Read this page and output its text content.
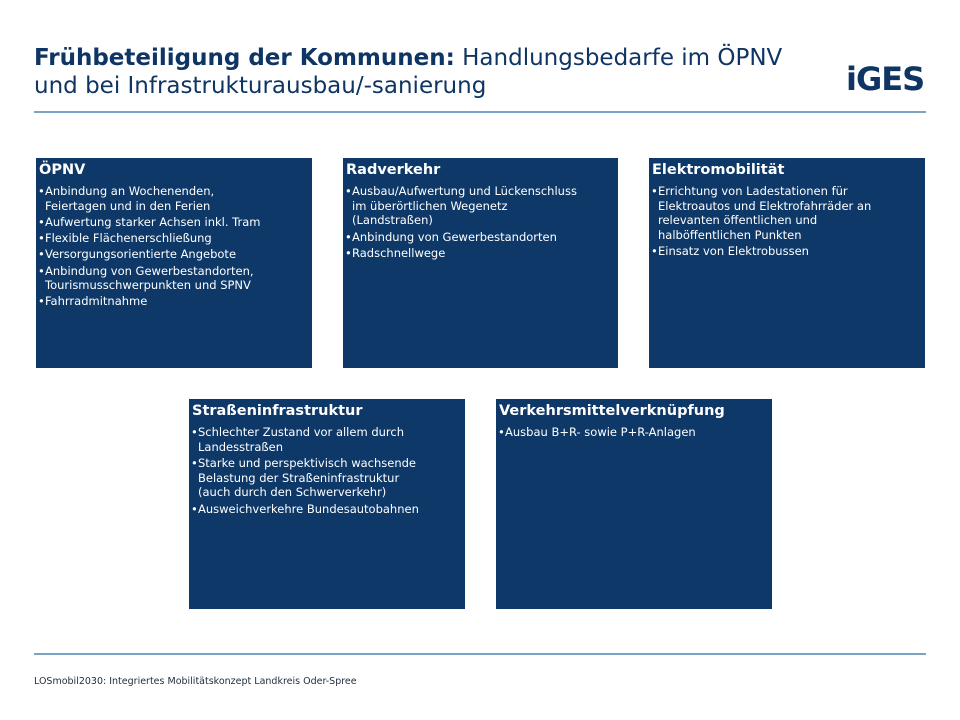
Frühbeteiligung der Kommunen: Handlungsbedarfe im ÖPNV und bei Infrastrukturausbau/-sanierung	iGES
ÖPNV
• Anbindung an Wochenenden,
Feiertagen und in den Ferien
• Aufwertung starker Achsen inkl. Tram
• Flexible Flächenerschließung
• Versorgungsorientierte Angebote
• Anbindung von Gewerbestandorten,
Tourismusschwerpunkten und SPNV
• Fahrradmitnahme
Radverkehr
• Ausbau/Aufwertung und Lückenschluss
im überörtlichen Wegenetz
(Landstraßen)
• Anbindung von Gewerbestandorten
• Radschnellwege
Elektromobilität
• Errichtung von Ladestationen für
Elektroautos und Elektrofahrräder an
relevanten öffentlichen und
halböffentlichen Punkten
• Einsatz von Elektrobussen
Straßeninfrastruktur
• Schlechter Zustand vor allem durch
Landesstraßen
• Starke und perspektivisch wachsende
Belastung der Straßeninfrastruktur
(auch durch den Schwerverkehr)
• Ausweichverkehre Bundesautobahnen
Verkehrsmittelverknüpfung
• Ausbau B+R- sowie P+R-Anlagen
LOSmobil2030: Integriertes Mobilitätskonzept Landkreis Oder-Spree
